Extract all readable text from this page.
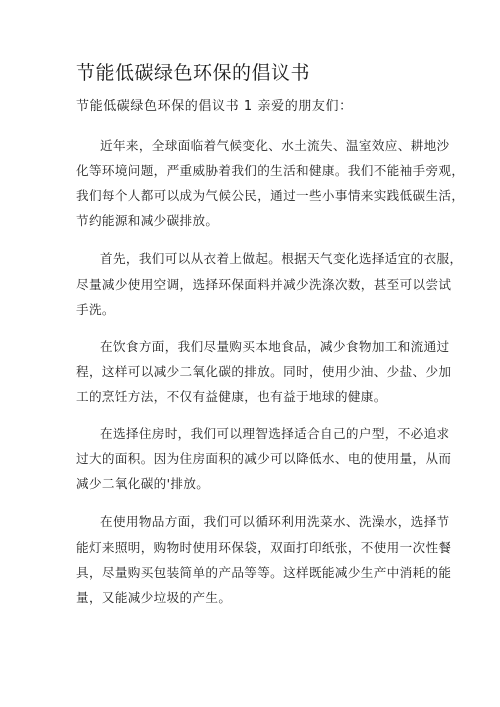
节能低碳绿色环保的倡议书
节能低碳绿色环保的倡议书 1 亲爱的朋友们：
近年来，全球面临着气候变化、水土流失、温室效应、耕地沙
化等环境问题，严重威胁着我们的生活和健康。我们不能袖手旁观，
我们每个人都可以成为气候公民，通过一些小事情来实践低碳生活，
节约能源和减少碳排放。
首先，我们可以从衣着上做起。根据天气变化选择适宜的衣服，
尽量减少使用空调，选择环保面料并减少洗涤次数，甚至可以尝试
手洗。
在饮食方面，我们尽量购买本地食品，减少食物加工和流通过
程，这样可以减少二氧化碳的排放。同时，使用少油、少盐、少加
工的烹饪方法，不仅有益健康，也有益于地球的健康。
在选择住房时，我们可以理智选择适合自己的户型，不必追求
过大的面积。因为住房面积的减少可以降低水、电的使用量，从而
减少二氧化碳的'排放。
在使用物品方面，我们可以循环利用洗菜水、洗澡水，选择节
能灯来照明，购物时使用环保袋，双面打印纸张，不使用一次性餐
具，尽量购买包装简单的产品等等。这样既能减少生产中消耗的能
量，又能减少垃圾的产生。
